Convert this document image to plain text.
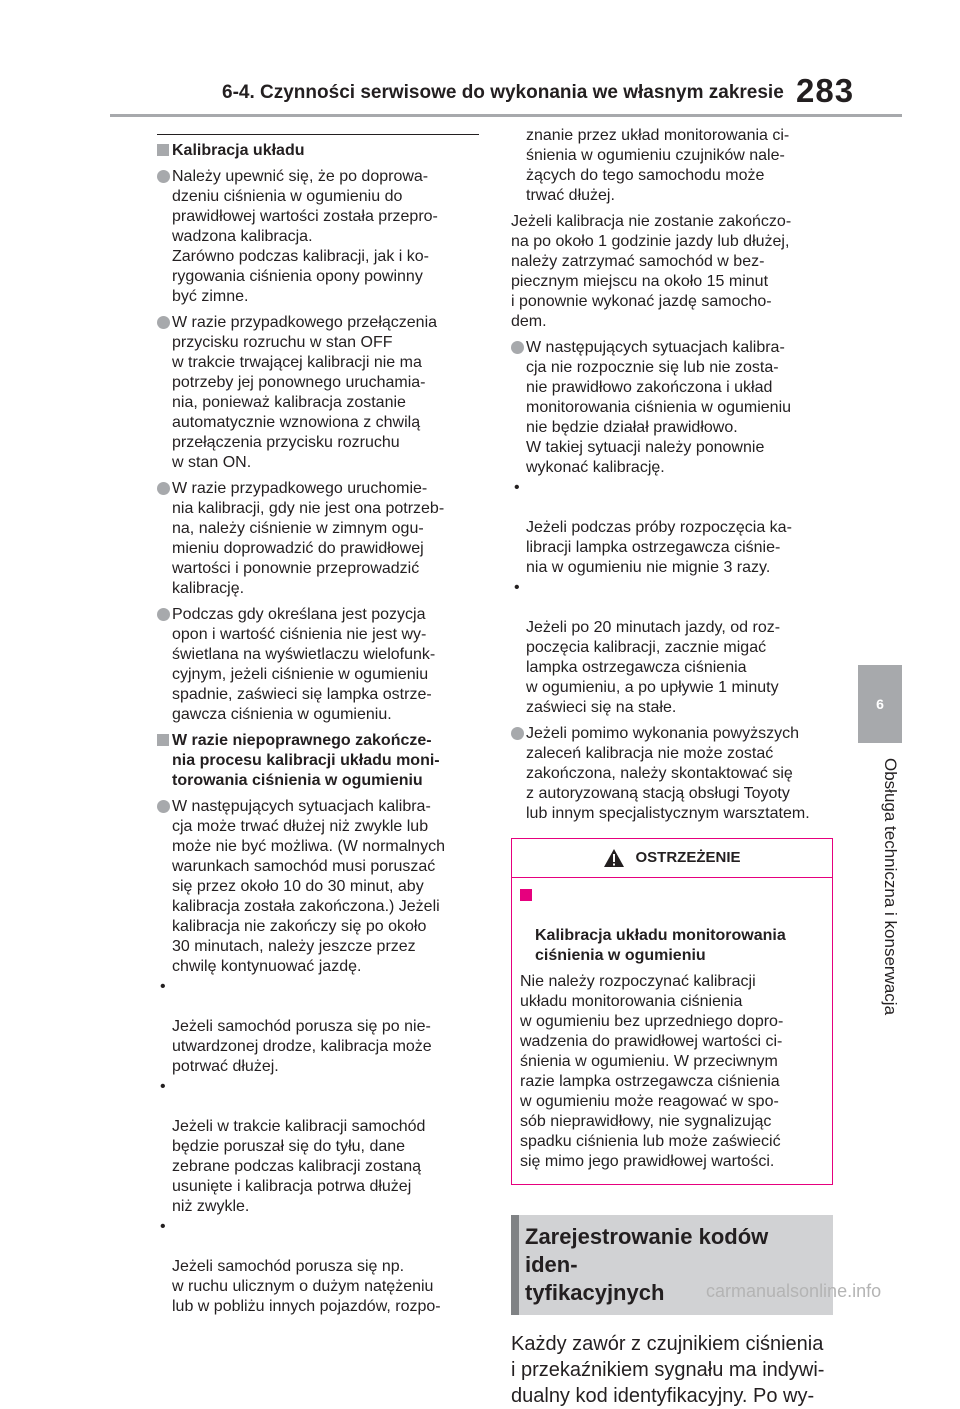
6-4. Czynności serwisowe do wykonania we własnym zakresie 283
6
Obsługa techniczna i konserwacja
Kalibracja układu
Należy upewnić się, że po doprowa-
dzeniu ciśnienia w ogumieniu do
prawidłowej wartości została przepro-
wadzona kalibracja.
Zarówno podczas kalibracji, jak i ko-
rygowania ciśnienia opony powinny
być zimne.
W razie przypadkowego przełączenia
przycisku rozruchu w stan OFF
w trakcie trwającej kalibracji nie ma
potrzeby jej ponownego uruchamia-
nia, ponieważ kalibracja zostanie
automatycznie wznowiona z chwilą
przełączenia przycisku rozruchu
w stan ON.
W razie przypadkowego uruchomie-
nia kalibracji, gdy nie jest ona potrzeb-
na, należy ciśnienie w zimnym ogu-
mieniu doprowadzić do prawidłowej
wartości i ponownie przeprowadzić
kalibrację.
Podczas gdy określana jest pozycja
opon i wartość ciśnienia nie jest wy-
świetlana na wyświetlaczu wielofunk-
cyjnym, jeżeli ciśnienie w ogumieniu
spadnie, zaświeci się lampka ostrze-
gawcza ciśnienia w ogumieniu.
W razie niepoprawnego zakończe-
nia procesu kalibracji układu moni-
torowania ciśnienia w ogumieniu
W następujących sytuacjach kalibra-
cja może trwać dłużej niż zwykle lub
może nie być możliwa. (W normalnych
warunkach samochód musi poruszać
się przez około 10 do 30 minut, aby
kalibracja została zakończona.) Jeżeli
kalibracja nie zakończy się po około
30 minutach, należy jeszcze przez
chwilę kontynuować jazdę.

•

Jeżeli samochód porusza się po nie-
utwardzonej drodze, kalibracja może
potrwać dłużej.

•

Jeżeli w trakcie kalibracji samochód
będzie poruszał się do tyłu, dane
zebrane podczas kalibracji zostaną
usunięte i kalibracja potrwa dłużej
niż zwykle.

•

Jeżeli samochód porusza się np.
w ruchu ulicznym o dużym natężeniu
lub w pobliżu innych pojazdów, rozpo-

znanie przez układ monitorowania ci-
śnienia w ogumieniu czujników nale-
żących do tego samochodu może
trwać dłużej.
Jeżeli kalibracja nie zostanie zakończo-
na po około 1 godzinie jazdy lub dłużej,
należy zatrzymać samochód w bez-
piecznym miejscu na około 15 minut
i ponownie wykonać jazdę samocho-
dem.
W następujących sytuacjach kalibra-
cja nie rozpocznie się lub nie zosta-
nie prawidłowo zakończona i układ
monitorowania ciśnienia w ogumieniu
nie będzie działał prawidłowo.
W takiej sytuacji należy ponownie
wykonać kalibrację.

•

Jeżeli podczas próby rozpoczęcia ka-
libracji lampka ostrzegawcza ciśnie-
nia w ogumieniu nie mignie 3 razy.

•

Jeżeli po 20 minutach jazdy, od roz-
poczęcia kalibracji, zacznie migać
lampka ostrzegawcza ciśnienia
w ogumieniu, a po upływie 1 minuty
zaświeci się na stałe.

Jeżeli pomimo wykonania powyższych
zaleceń kalibracja nie może zostać
zakończona, należy skontaktować się
z autoryzowaną stacją obsługi Toyoty
lub innym specjalistycznym warsztatem.
OSTRZEŻENIE

Kalibracja układu monitorowania
ciśnienia w ogumieniu

Nie należy rozpoczynać kalibracji
układu monitorowania ciśnienia
w ogumieniu bez uprzedniego dopro-
wadzenia do prawidłowej wartości ci-
śnienia w ogumieniu. W przeciwnym
razie lampka ostrzegawcza ciśnienia
w ogumieniu może reagować w spo-
sób nieprawidłowy, nie sygnalizując
spadku ciśnienia lub może zaświecić
się mimo jego prawidłowej wartości.
Zarejestrowanie kodów iden-
tyfikacyjnych
Każdy zawór z czujnikiem ciśnienia
i przekaźnikiem sygnału ma indywi-
dualny kod identyfikacyjny. Po wy-
carmanualsonline.info
